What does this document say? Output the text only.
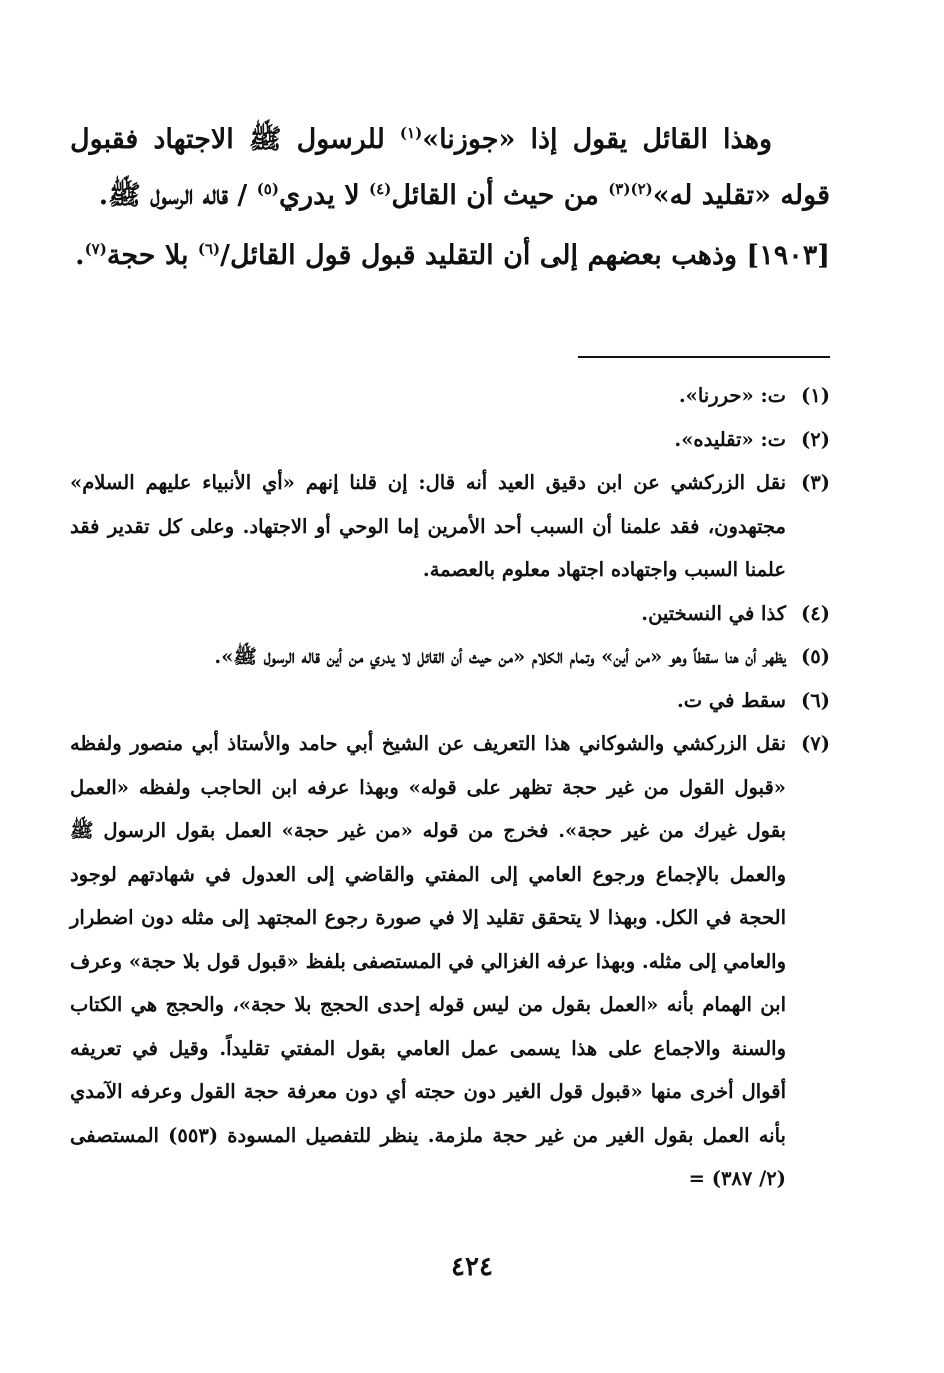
وهذا القائل يقول إذا «جوزنا»$^{(١)}$ للرسول ﷺ الاجتهاد فقبول قوله «تقليد له»$^{(٢)(٣)}$ من حيث أن القائل$^{(٤)}$ لا يدري$^{(٥)}$ / قاله الرسول ﷺ.

[١٩٠٣] وذهب بعضهم إلى أن التقليد قبول قول القائل/$^{(٦)}$ بلا حجة$^{(٧)}$.

(١)
ت: «حررنا».
(٢)
ت: «تقليده».
(٣)
نقل الزركشي عن ابن دقيق العيد أنه قال: إن قلنا إنهم «أي الأنبياء عليهم السلام» مجتهدون، فقد علمنا أن السبب أحد الأمرين إما الوحي أو الاجتهاد. وعلى كل تقدير فقد علمنا السبب واجتهاده اجتهاد معلوم بالعصمة.
(٤)
كذا في النسختين.
(٥)
يظهر أن هنا سقطاً وهو «من أين» وتمام الكلام «من حيث أن القائل لا يدري من أين قاله الرسول ﷺ».
(٦)
سقط في ت.
(٧)
نقل الزركشي والشوكاني هذا التعريف عن الشيخ أبي حامد والأستاذ أبي منصور ولفظه «قبول القول من غير حجة تظهر على قوله» وبهذا عرفه ابن الحاجب ولفظه «العمل بقول غيرك من غير حجة». فخرج من قوله «من غير حجة» العمل بقول الرسول ﷺ والعمل بالإجماع ورجوع العامي إلى المفتي والقاضي إلى العدول في شهادتهم لوجود الحجة في الكل. وبهذا لا يتحقق تقليد إلا في صورة رجوع المجتهد إلى مثله دون اضطرار والعامي إلى مثله. وبهذا عرفه الغزالي في المستصفى بلفظ «قبول قول بلا حجة» وعرف ابن الهمام بأنه «العمل بقول من ليس قوله إحدى الحجج بلا حجة»، والحجج هي الكتاب والسنة والاجماع على هذا يسمى عمل العامي بقول المفتي تقليداً. وقيل في تعريفه أقوال أخرى منها «قبول قول الغير دون حجته أي دون معرفة حجة القول وعرفه الآمدي بأنه العمل بقول الغير من غير حجة ملزمة. ينظر للتفصيل المسودة (٥٥٣) المستصفى (٢/ ٣٨٧) =
٤٢٤
